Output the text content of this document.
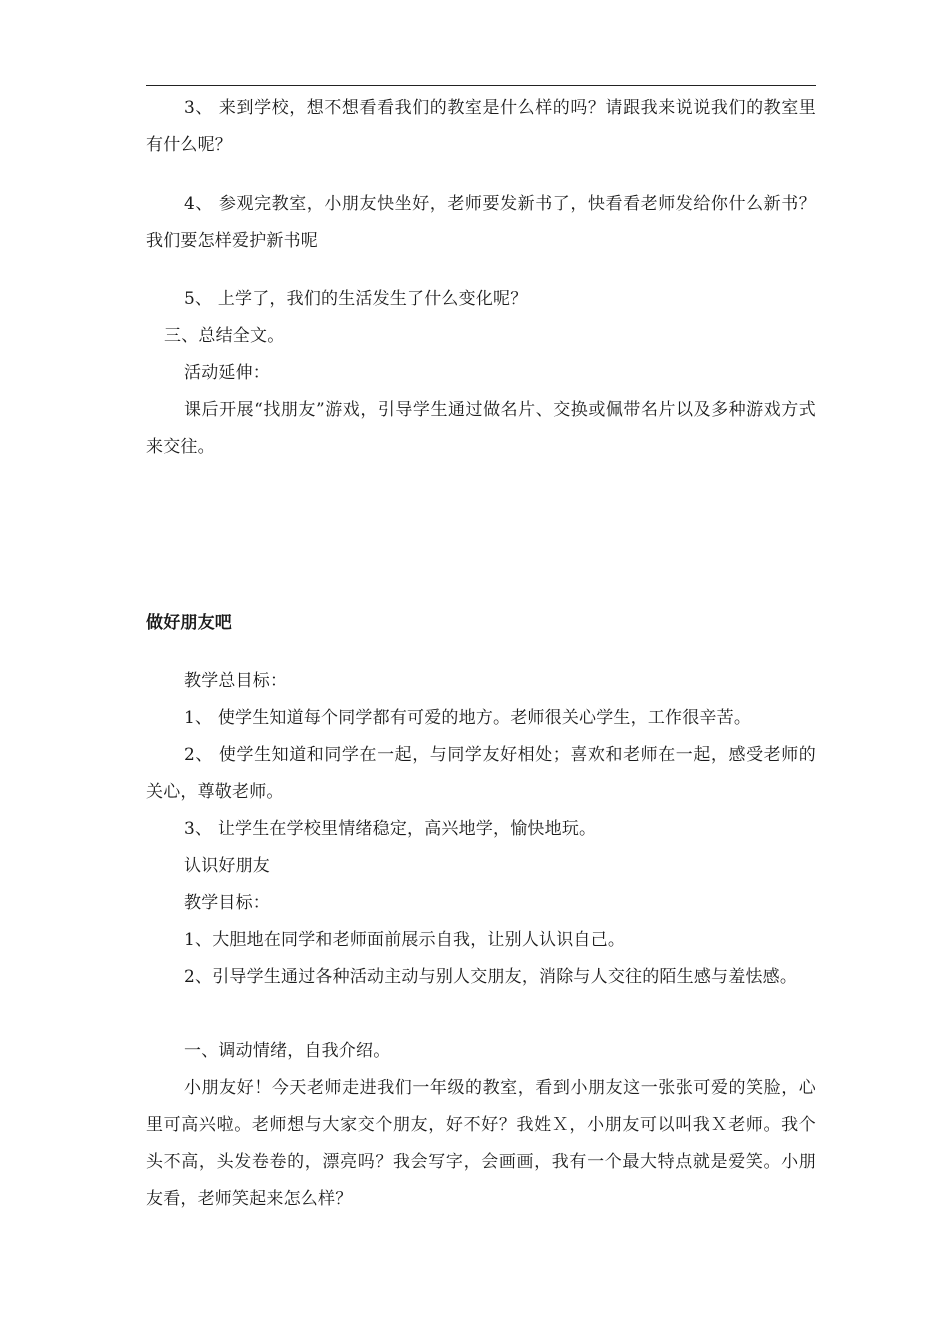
3、 来到学校，想不想看看我们的教室是什么样的吗？请跟我来说说我们的教室里有什么呢？
4、 参观完教室，小朋友快坐好，老师要发新书了，快看看老师发给你什么新书？我们要怎样爱护新书呢
5、 上学了，我们的生活发生了什么变化呢？
三、总结全文。
活动延伸：
课后开展“找朋友”游戏，引导学生通过做名片、交换或佩带名片以及多种游戏方式来交往。
做好朋友吧
教学总目标：
1、 使学生知道每个同学都有可爱的地方。老师很关心学生，工作很辛苦。
2、 使学生知道和同学在一起，与同学友好相处；喜欢和老师在一起，感受老师的关心，尊敬老师。
3、 让学生在学校里情绪稳定，高兴地学，愉快地玩。
认识好朋友
教学目标：
1、大胆地在同学和老师面前展示自我，让别人认识自己。
2、引导学生通过各种活动主动与别人交朋友，消除与人交往的陌生感与羞怯感。
一、调动情绪，自我介绍。
小朋友好！今天老师走进我们一年级的教室，看到小朋友这一张张可爱的笑脸，心里可高兴啦。老师想与大家交个朋友，好不好？我姓Ｘ，小朋友可以叫我Ｘ老师。我个头不高，头发卷卷的，漂亮吗？我会写字，会画画，我有一个最大特点就是爱笑。小朋友看，老师笑起来怎么样？
